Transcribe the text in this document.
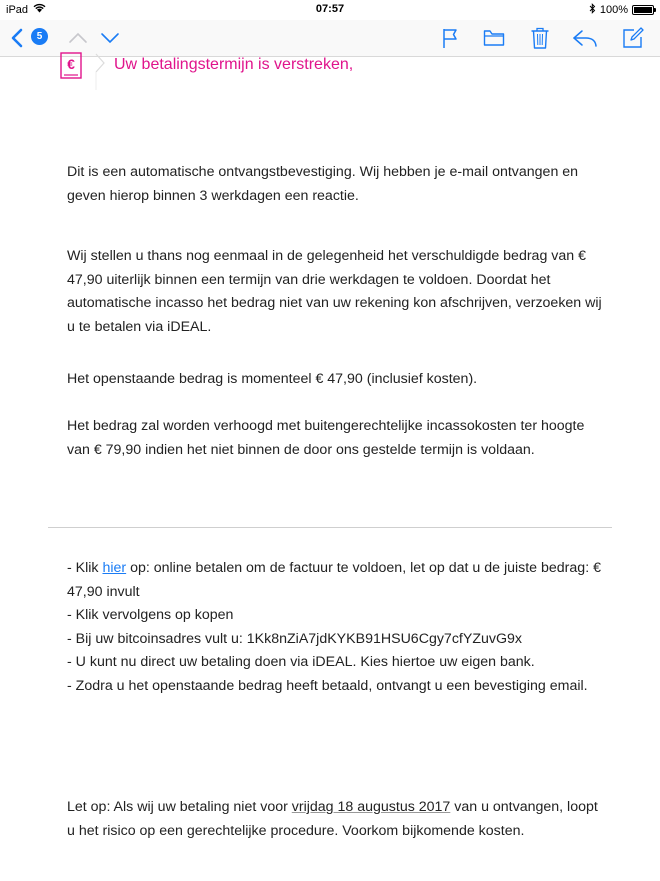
iPad	07:57	100%
5
€ Uw betalingstermijn is verstreken,

Dit is een automatische ontvangstbevestiging. Wij hebben je e-mail ontvangen en geven hierop binnen 3 werkdagen een reactie.

Wij stellen u thans nog eenmaal in de gelegenheid het verschuldigde bedrag van € 47,90 uiterlijk binnen een termijn van drie werkdagen te voldoen. Doordat het automatische incasso het bedrag niet van uw rekening kon afschrijven, verzoeken wij u te betalen via iDEAL.

Het openstaande bedrag is momenteel € 47,90 (inclusief kosten).

Het bedrag zal worden verhoogd met buitengerechtelijke incassokosten ter hoogte van € 79,90 indien het niet binnen de door ons gestelde termijn is voldaan.

- Klik hier op: online betalen om de factuur te voldoen, let op dat u de juiste bedrag: € 47,90 invult

- Klik vervolgens op kopen

- Bij uw bitcoinsadres vult u: 1Kk8nZiA7jdKYKB91HSU6Cgy7cfYZuvG9x

- U kunt nu direct uw betaling doen via iDEAL. Kies hiertoe uw eigen bank.

- Zodra u het openstaande bedrag heeft betaald, ontvangt u een bevestiging email.

Let op: Als wij uw betaling niet voor vrijdag 18 augustus 2017 van u ontvangen, loopt u het risico op een gerechtelijke procedure. Voorkom bijkomende kosten.
